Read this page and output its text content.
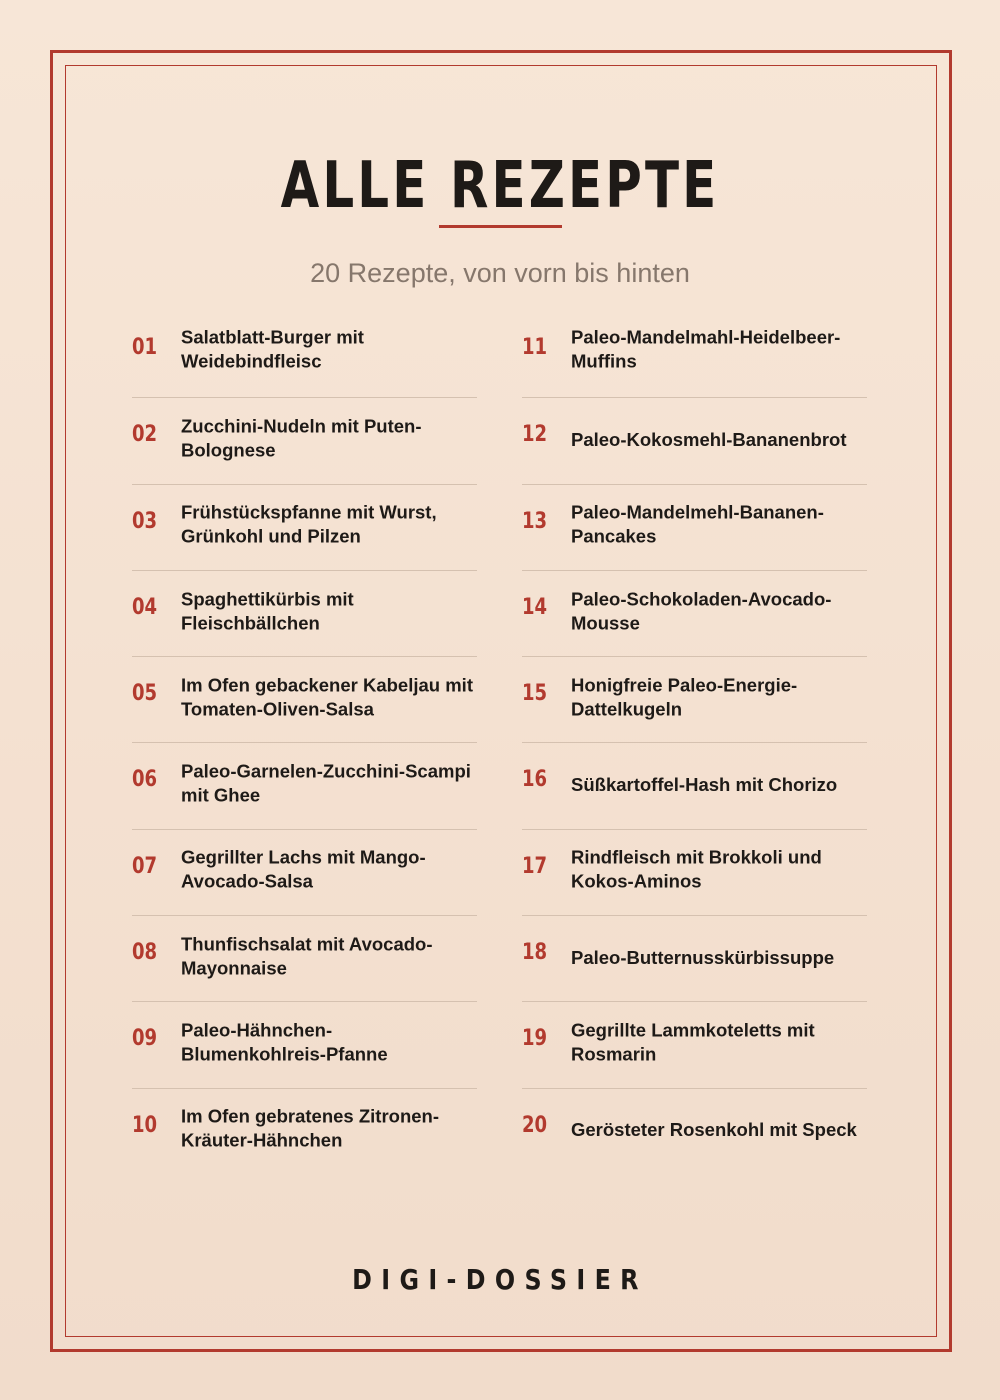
ALLE REZEPTE
20 Rezepte, von vorn bis hinten
01	Salatblatt-Burger mit Weidebindfleisc
02	Zucchini-Nudeln mit Puten-Bolognese
03	Frühstückspfanne mit Wurst, Grünkohl und Pilzen
04	Spaghettikürbis mit Fleischbällchen
05	Im Ofen gebackener Kabeljau mit Tomaten-Oliven-Salsa
06	Paleo-Garnelen-Zucchini-Scampi mit Ghee
07	Gegrillter Lachs mit Mango-Avocado-Salsa
08	Thunfischsalat mit Avocado-Mayonnaise
09	Paleo-Hähnchen-Blumenkohlreis-Pfanne
10	Im Ofen gebratenes Zitronen-Kräuter-Hähnchen
11	Paleo-Mandelmahl-Heidelbeer-Muffins
12	Paleo-Kokosmehl-Bananenbrot
13	Paleo-Mandelmehl-Bananen-Pancakes
14	Paleo-Schokoladen-Avocado-Mousse
15	Honigfreie Paleo-Energie-Dattelkugeln
16	Süßkartoffel-Hash mit Chorizo
17	Rindfleisch mit Brokkoli und Kokos-Aminos
18	Paleo-Butternusskürbissuppe
19	Gegrillte Lammkoteletts mit Rosmarin
20	Gerösteter Rosenkohl mit Speck
DIGI-DOSSIER
